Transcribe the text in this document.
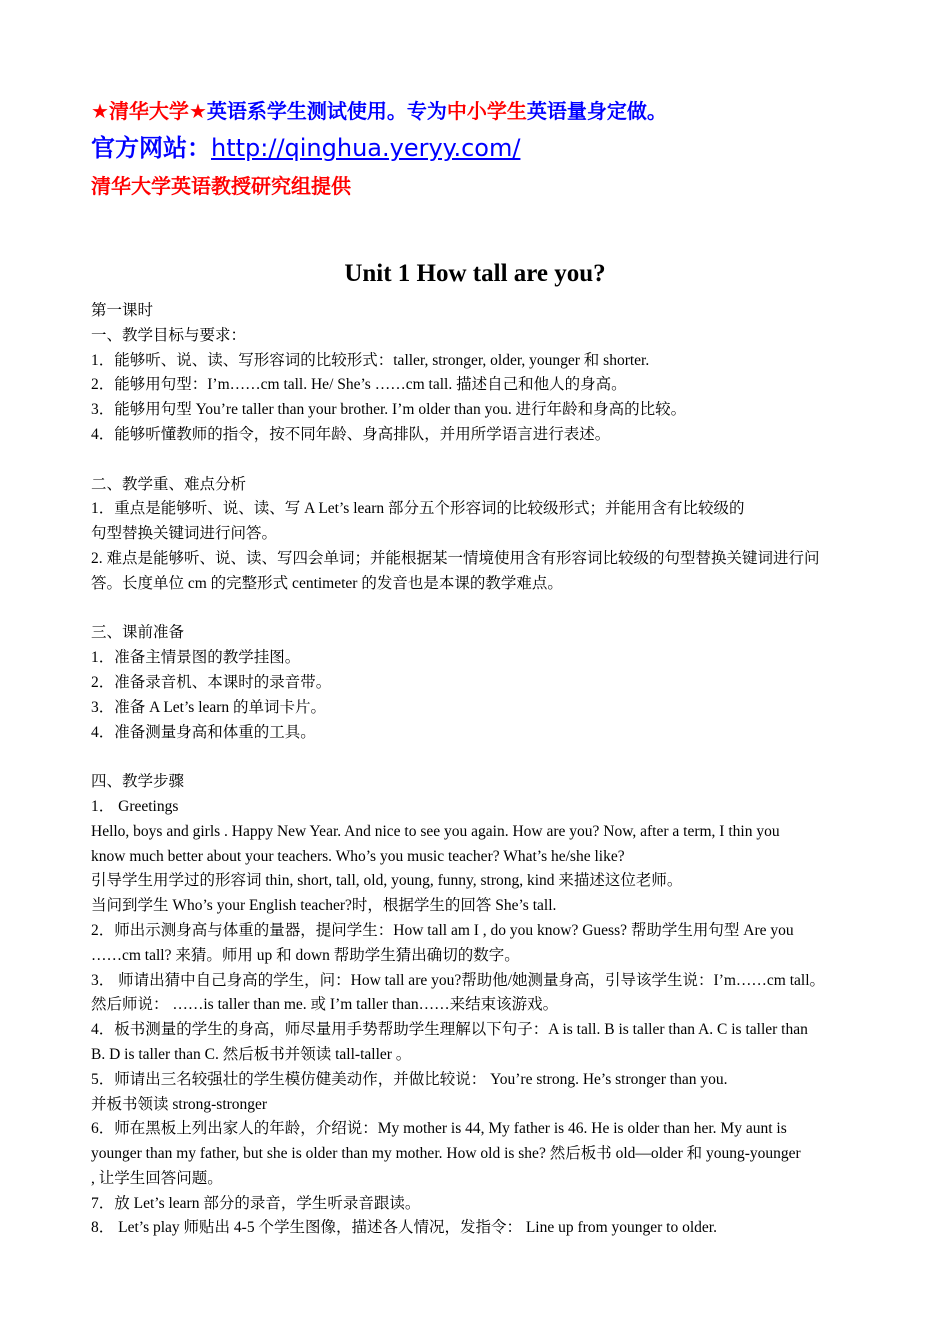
★清华大学★英语系学生测试使用。专为中小学生英语量身定做。
官方网站：http://qinghua.yeryy.com/
清华大学英语教授研究组提供
Unit 1 How tall are you?
第一课时
一、教学目标与要求：
1．能够听、说、读、写形容词的比较形式：taller, stronger, older, younger 和 shorter.
2．能够用句型：I’m……cm tall. He/ She’s ……cm tall. 描述自己和他人的身高。
3．能够用句型 You’re taller than your brother. I’m older than you. 进行年龄和身高的比较。
4．能够听懂教师的指令，按不同年龄、身高排队，并用所学语言进行表述。
二、教学重、难点分析
1．重点是能够听、说、读、写 A Let’s learn 部分五个形容词的比较级形式；并能用含有比较级的
句型替换关键词进行问答。
2. 难点是能够听、说、读、写四会单词；并能根据某一情境使用含有形容词比较级的句型替换关键词进行问
答。长度单位 cm 的完整形式 centimeter 的发音也是本课的教学难点。
三、课前准备
1．准备主情景图的教学挂图。
2．准备录音机、本课时的录音带。
3．准备 A Let’s learn 的单词卡片。
4．准备测量身高和体重的工具。
四、教学步骤
1． Greetings
Hello, boys and girls . Happy New Year. And nice to see you again. How are you? Now, after a term, I thin you
know much better about your teachers. Who’s you music teacher? What’s he/she like?
引导学生用学过的形容词 thin, short, tall, old, young, funny, strong, kind 来描述这位老师。
当问到学生 Who’s your English teacher?时，根据学生的回答 She’s tall.
2．师出示测身高与体重的量器，提问学生：How tall am I , do you know? Guess? 帮助学生用句型 Are you
……cm tall? 来猜。师用 up 和 down 帮助学生猜出确切的数字。
3． 师请出猜中自己身高的学生，问：How tall are you?帮助他/她测量身高，引导该学生说：I’m……cm tall。
然后师说： ……is taller than me. 或 I’m taller than……来结束该游戏。
4．板书测量的学生的身高，师尽量用手势帮助学生理解以下句子：A is tall. B is taller than A. C is taller than
B. D is taller than C. 然后板书并领读 tall-taller 。
5．师请出三名较强壮的学生模仿健美动作，并做比较说： You’re strong. He’s stronger than you.
并板书领读 strong-stronger
6．师在黑板上列出家人的年龄，介绍说：My mother is 44, My father is 46. He is older than her. My aunt is
younger than my father, but she is older than my mother. How old is she? 然后板书 old—older 和 young-younger
, 让学生回答问题。
7．放 Let’s learn 部分的录音，学生听录音跟读。
8． Let’s play 师贴出 4-5 个学生图像，描述各人情况，发指令： Line up from younger to older.
